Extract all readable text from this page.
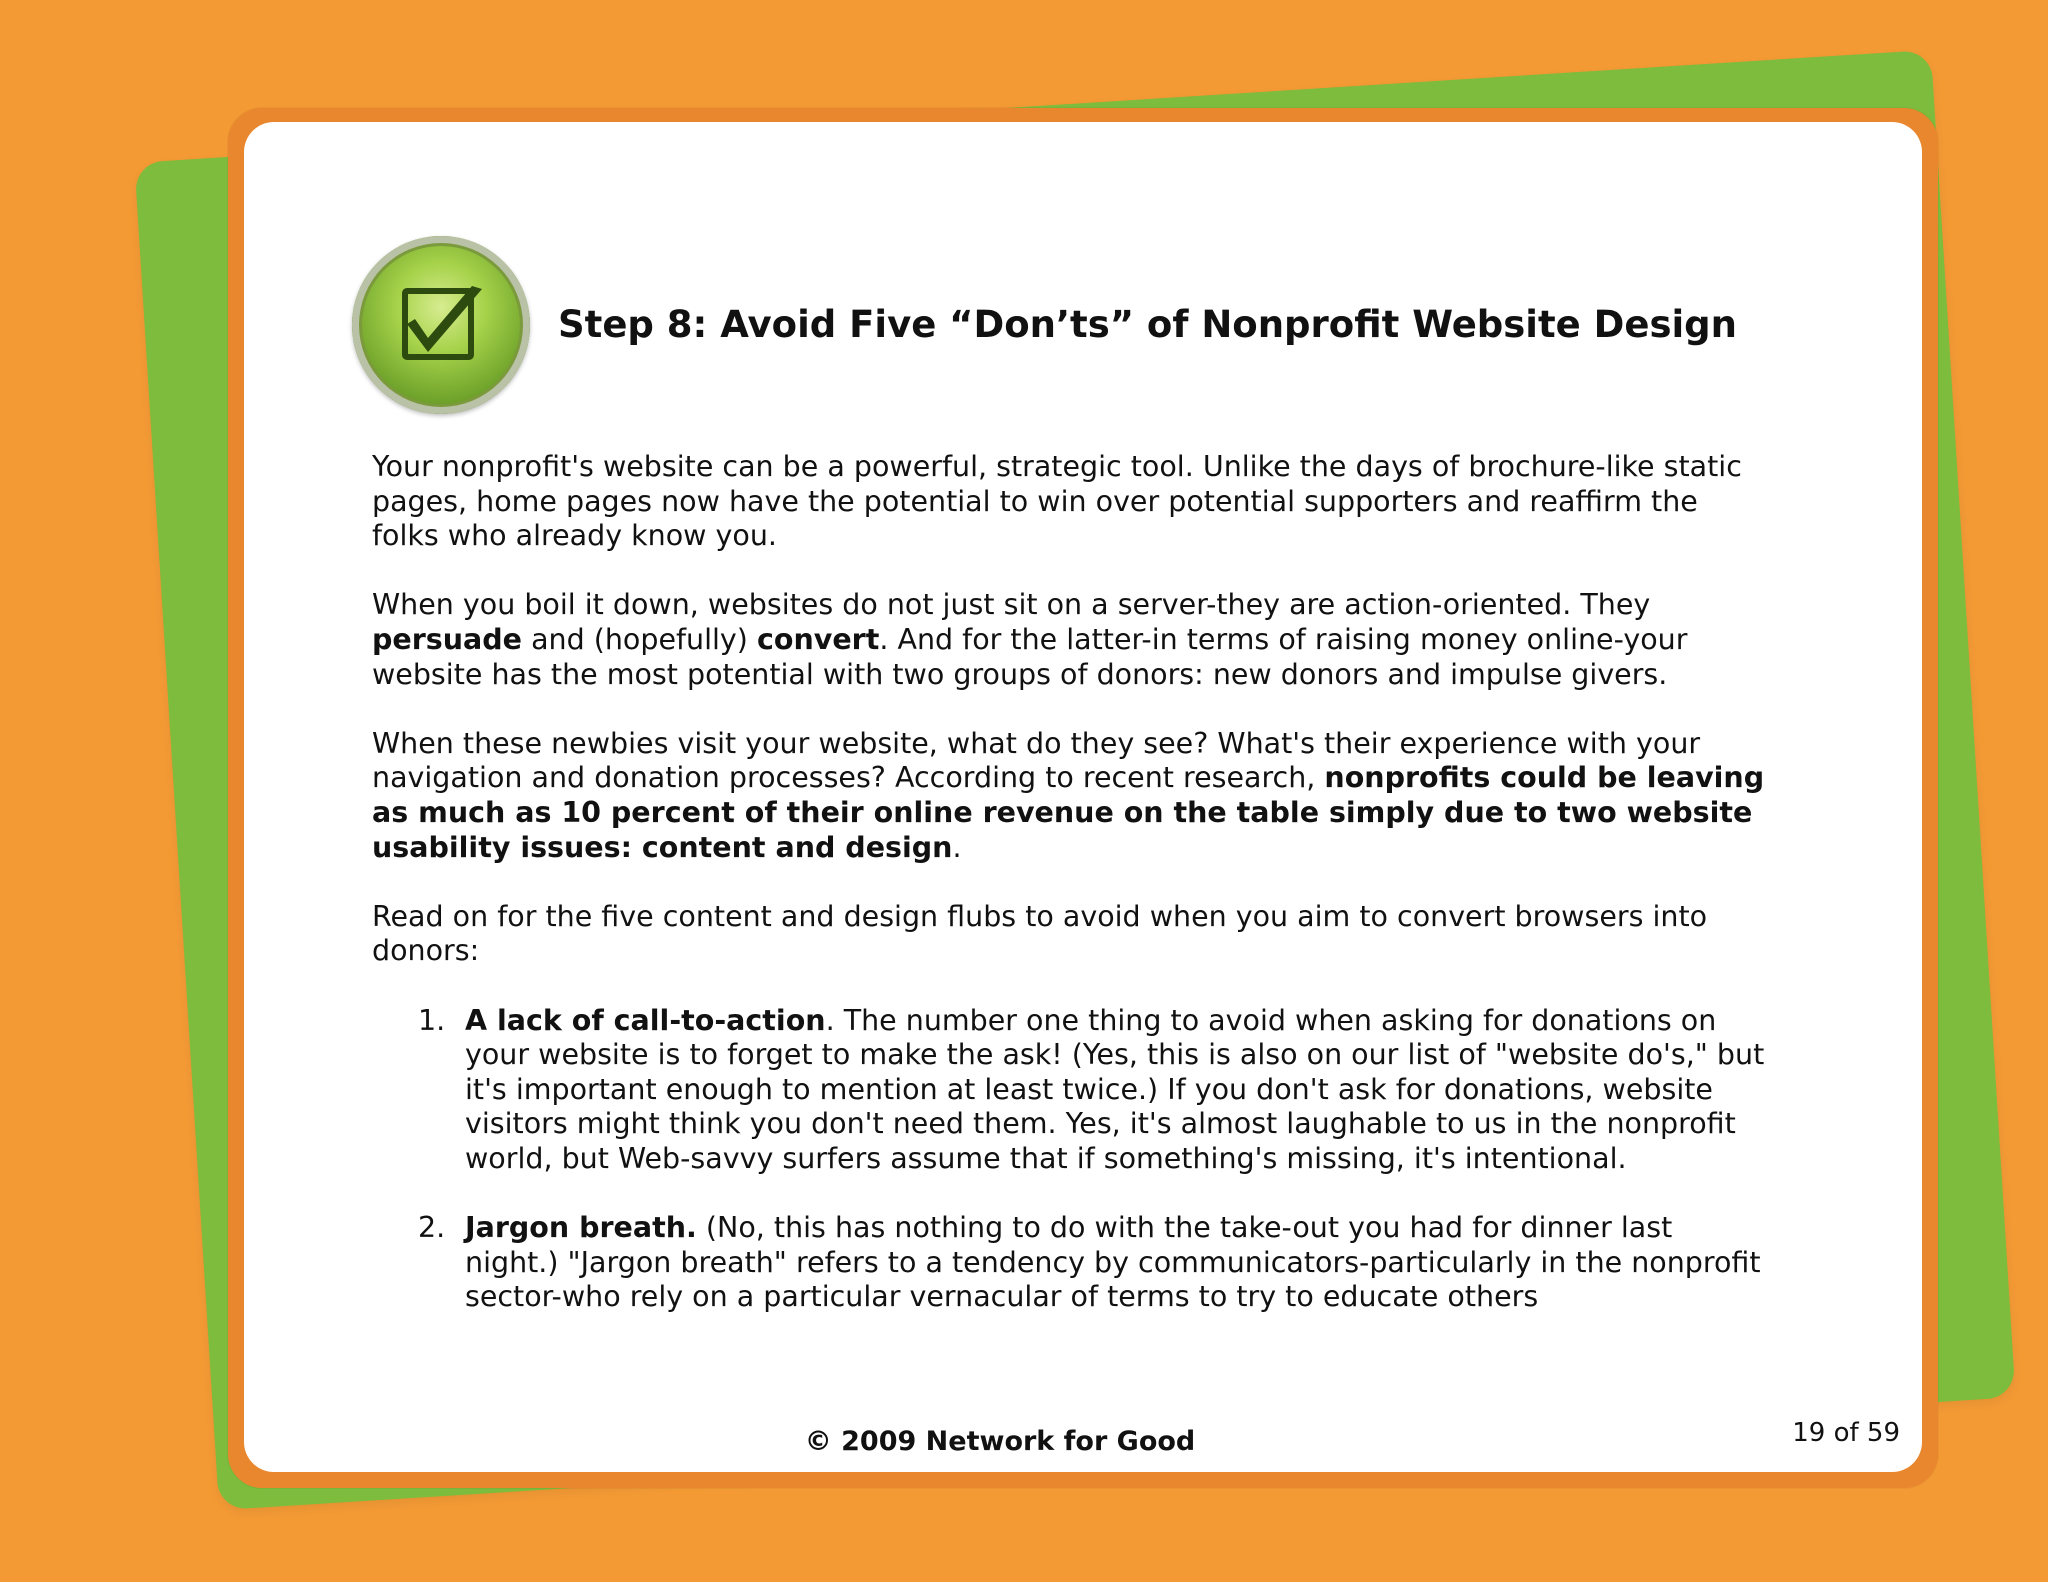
Step 8: Avoid Five “Don’ts” of Nonprofit Website Design

Your nonprofit's website can be a powerful, strategic tool. Unlike the days of brochure-like static pages, home pages now have the potential to win over potential supporters and reaffirm the folks who already know you.

When you boil it down, websites do not just sit on a server-they are action-oriented. They persuade and (hopefully) convert. And for the latter-in terms of raising money online-your website has the most potential with two groups of donors: new donors and impulse givers.

When these newbies visit your website, what do they see? What's their experience with your navigation and donation processes? According to recent research, nonprofits could be leaving as much as 10 percent of their online revenue on the table simply due to two website usability issues: content and design.

Read on for the five content and design flubs to avoid when you aim to convert browsers into donors:

1. A lack of call-to-action. The number one thing to avoid when asking for donations on your website is to forget to make the ask! (Yes, this is also on our list of "website do's," but it's important enough to mention at least twice.) If you don't ask for donations, website visitors might think you don't need them. Yes, it's almost laughable to us in the nonprofit world, but Web-savvy surfers assume that if something's missing, it's intentional.
2. Jargon breath. (No, this has nothing to do with the take-out you had for dinner last night.) "Jargon breath" refers to a tendency by communicators-particularly in the nonprofit sector-who rely on a particular vernacular of terms to try to educate others
© 2009 Network for Good	19 of 59
